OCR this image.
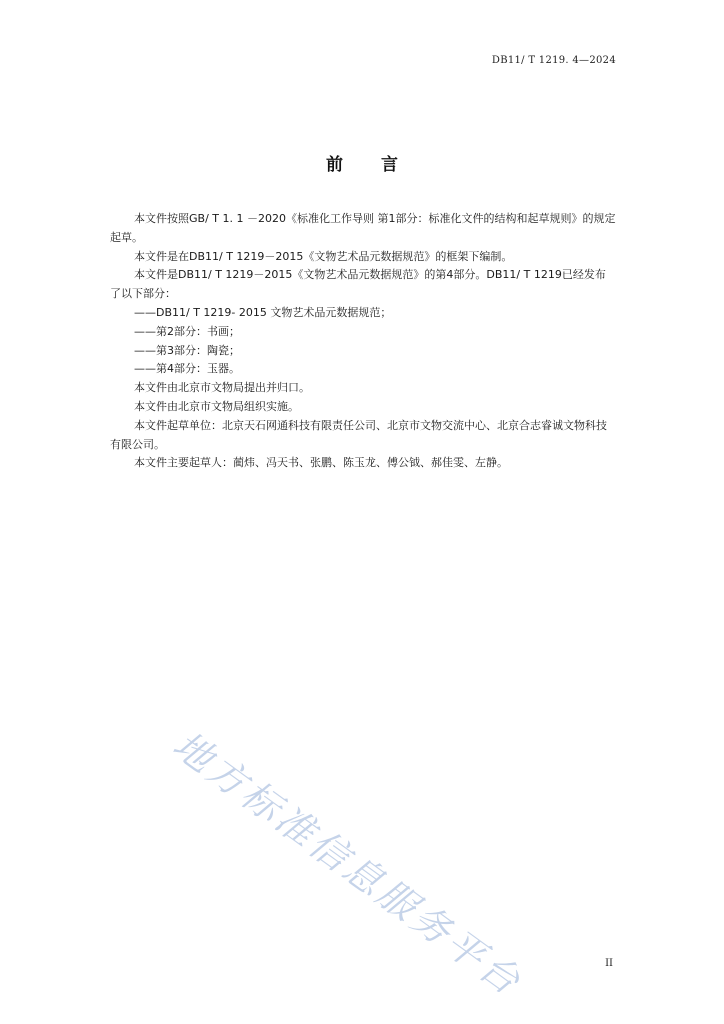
DB11/ T 1219. 4—2024
前言

本文件按照GB/ T 1. 1 －2020《标准化工作导则 第1部分：标准化文件的结构和起草规则》的规定起草。

本文件是在DB11/ T 1219－2015《文物艺术品元数据规范》的框架下编制。

本文件是DB11/ T 1219－2015《文物艺术品元数据规范》的第4部分。DB11/ T 1219已经发布了以下部分：

——DB11/ T 1219- 2015 文物艺术品元数据规范；

——第2部分：书画；

——第3部分：陶瓷；

——第4部分：玉器。

本文件由北京市文物局提出并归口。

本文件由北京市文物局组织实施。

本文件起草单位：北京天石网通科技有限责任公司、北京市文物交流中心、北京合志睿诚文物科技有限公司。

本文件主要起草人：蔺炜、冯天书、张鹏、陈玉龙、傅公钺、郝佳雯、左静。

地方标准信息服务平台	II
